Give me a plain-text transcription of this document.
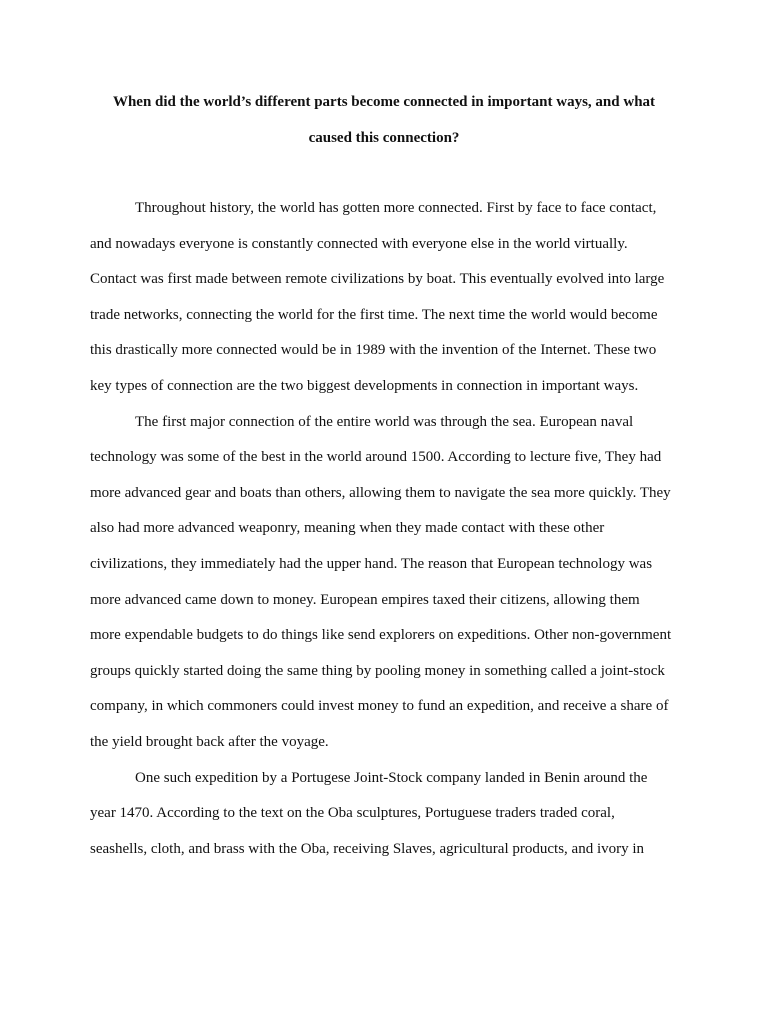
When did the world’s different parts become connected in important ways, and what
caused this connection?
Throughout history, the world has gotten more connected. First by face to face contact,
and nowadays everyone is constantly connected with everyone else in the world virtually.
Contact was first made between remote civilizations by boat. This eventually evolved into large
trade networks, connecting the world for the first time. The next time the world would become
this drastically more connected would be in 1989 with the invention of the Internet. These two
key types of connection are the two biggest developments in connection in important ways.
The first major connection of the entire world was through the sea. European naval
technology was some of the best in the world around 1500. According to lecture five, They had
more advanced gear and boats than others, allowing them to navigate the sea more quickly. They
also had more advanced weaponry, meaning when they made contact with these other
civilizations, they immediately had the upper hand. The reason that European technology was
more advanced came down to money. European empires taxed their citizens, allowing them
more expendable budgets to do things like send explorers on expeditions. Other non-government
groups quickly started doing the same thing by pooling money in something called a joint-stock
company, in which commoners could invest money to fund an expedition, and receive a share of
the yield brought back after the voyage.
One such expedition by a Portugese Joint-Stock company landed in Benin around the
year 1470. According to the text on the Oba sculptures, Portuguese traders traded coral,
seashells, cloth, and brass with the Oba, receiving Slaves, agricultural products, and ivory in
